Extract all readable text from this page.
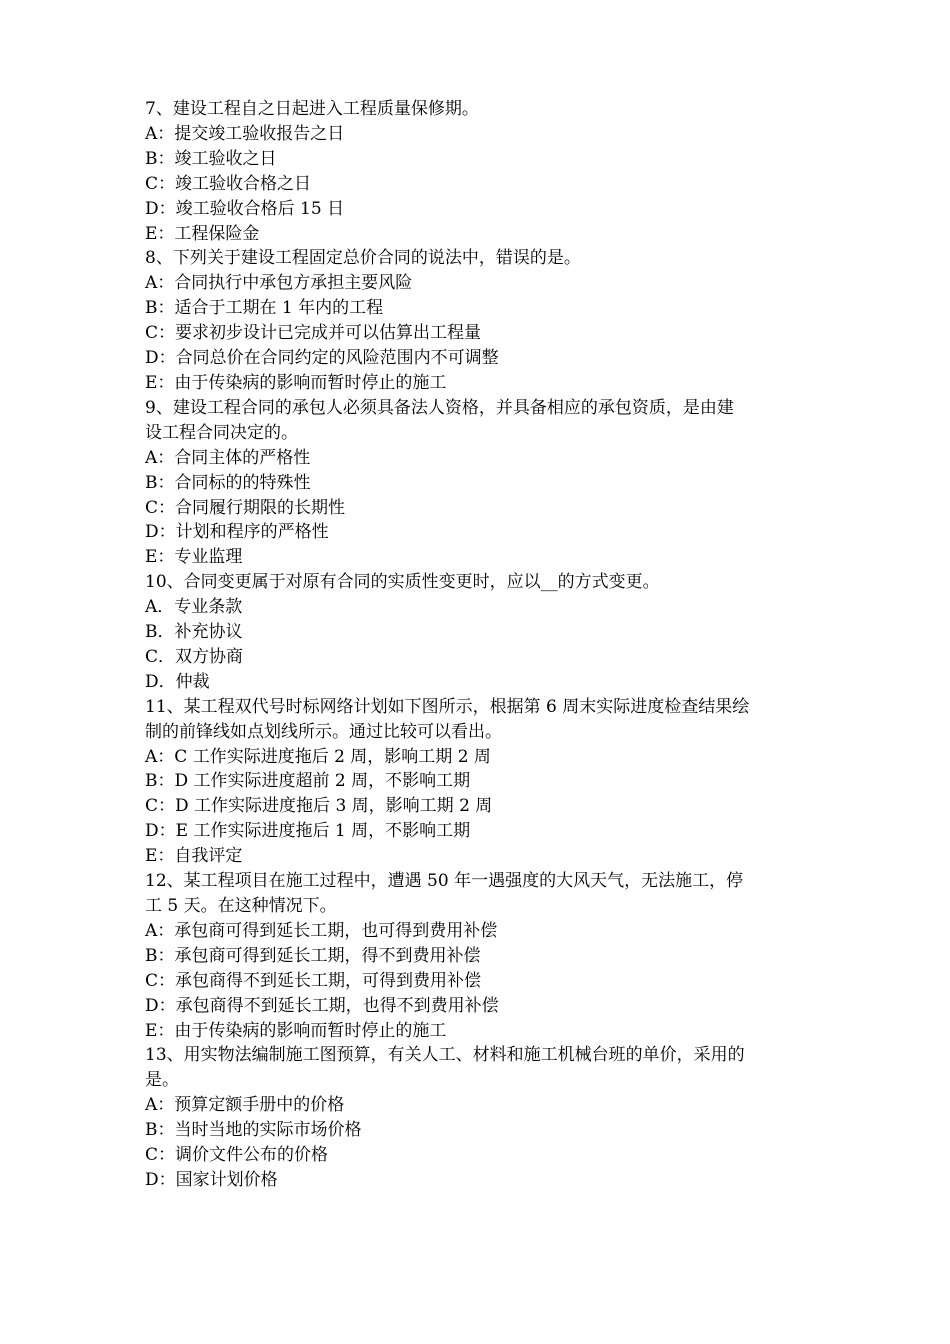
7、建设工程自之日起进入工程质量保修期。
A：提交竣工验收报告之日
B：竣工验收之日
C：竣工验收合格之日
D：竣工验收合格后 15 日
E：工程保险金
8、下列关于建设工程固定总价合同的说法中，错误的是。
A：合同执行中承包方承担主要风险
B：适合于工期在 1 年内的工程
C：要求初步设计已完成并可以估算出工程量
D：合同总价在合同约定的风险范围内不可调整
E：由于传染病的影响而暂时停止的施工
9、建设工程合同的承包人必须具备法人资格，并具备相应的承包资质，是由建
设工程合同决定的。
A：合同主体的严格性
B：合同标的的特殊性
C：合同履行期限的长期性
D：计划和程序的严格性
E：专业监理
10、合同变更属于对原有合同的实质性变更时，应以__的方式变更。
A．专业条款
B．补充协议
C．双方协商
D．仲裁
11、某工程双代号时标网络计划如下图所示，根据第 6 周末实际进度检查结果绘
制的前锋线如点划线所示。通过比较可以看出。
A：C 工作实际进度拖后 2 周，影响工期 2 周
B：D 工作实际进度超前 2 周，不影响工期
C：D 工作实际进度拖后 3 周，影响工期 2 周
D：E 工作实际进度拖后 1 周，不影响工期
E：自我评定
12、某工程项目在施工过程中，遭遇 50 年一遇强度的大风天气，无法施工，停
工 5 天。在这种情况下。
A：承包商可得到延长工期，也可得到费用补偿
B：承包商可得到延长工期，得不到费用补偿
C：承包商得不到延长工期，可得到费用补偿
D：承包商得不到延长工期，也得不到费用补偿
E：由于传染病的影响而暂时停止的施工
13、用实物法编制施工图预算，有关人工、材料和施工机械台班的单价，采用的
是。
A：预算定额手册中的价格
B：当时当地的实际市场价格
C：调价文件公布的价格
D：国家计划价格
